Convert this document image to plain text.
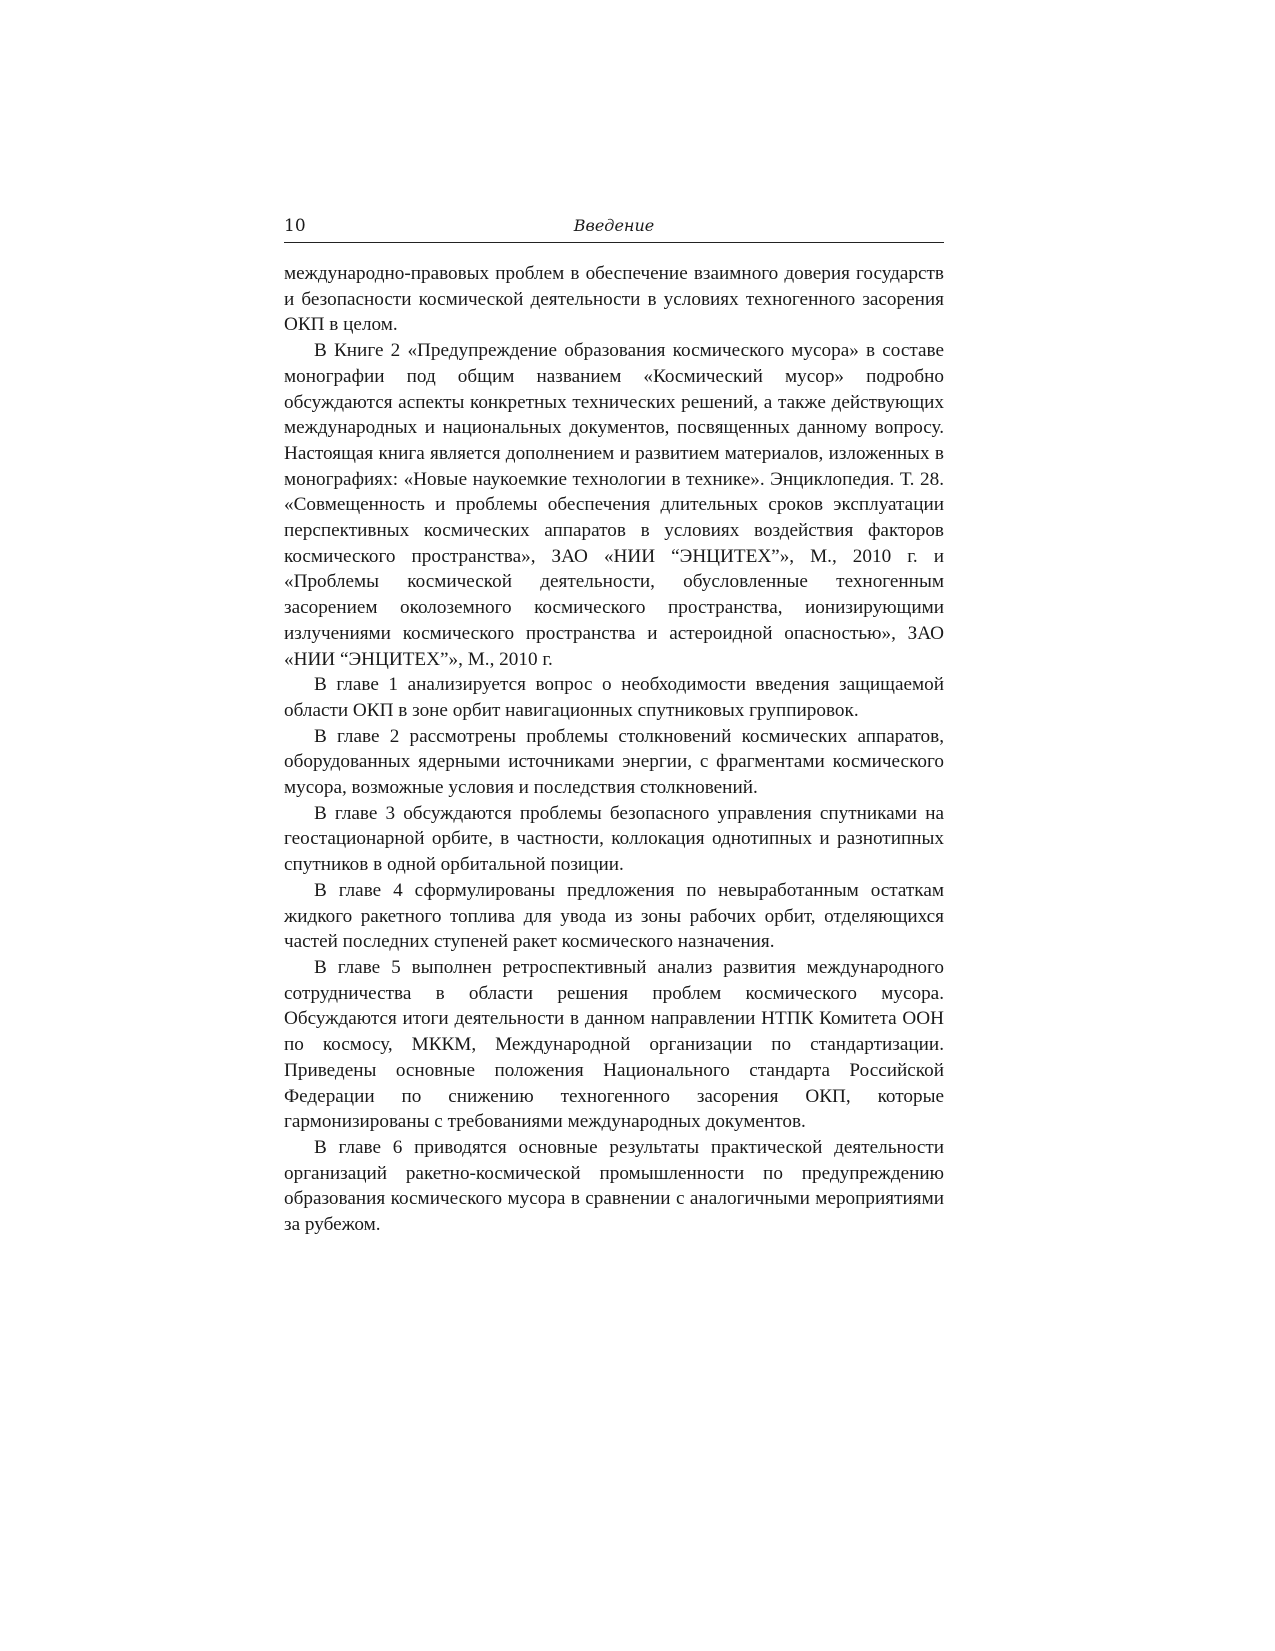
10	Введение

международно-правовых проблем в обеспечение взаимного доверия государств и безопасности космической деятельности в условиях техногенного засорения ОКП в целом.

В Книге 2 «Предупреждение образования космического мусора» в составе монографии под общим названием «Космический мусор» подробно обсуждаются аспекты конкретных технических решений, а также действующих международных и национальных документов, посвященных данному вопросу. Настоящая книга является дополнением и развитием материалов, изложенных в монографиях: «Новые наукоемкие технологии в технике». Энциклопедия. Т. 28. «Совмещенность и проблемы обеспечения длительных сроков эксплуатации перспективных космических аппаратов в условиях воздействия факторов космического пространства», ЗАО «НИИ “ЭНЦИТЕХ”», М., 2010 г. и «Проблемы космической деятельности, обусловленные техногенным засорением околоземного космического пространства, ионизирующими излучениями космического пространства и астероидной опасностью», ЗАО «НИИ “ЭНЦИТЕХ”», М., 2010 г.

В главе 1 анализируется вопрос о необходимости введения защищаемой области ОКП в зоне орбит навигационных спутниковых группировок.

В главе 2 рассмотрены проблемы столкновений космических аппаратов, оборудованных ядерными источниками энергии, с фрагментами космического мусора, возможные условия и последствия столкновений.

В главе 3 обсуждаются проблемы безопасного управления спутниками на геостационарной орбите, в частности, коллокация однотипных и разнотипных спутников в одной орбитальной позиции.

В главе 4 сформулированы предложения по невыработанным остаткам жидкого ракетного топлива для увода из зоны рабочих орбит, отделяющихся частей последних ступеней ракет космического назначения.

В главе 5 выполнен ретроспективный анализ развития международного сотрудничества в области решения проблем космического мусора. Обсуждаются итоги деятельности в данном направлении НТПК Комитета ООН по космосу, МККМ, Международной организации по стандартизации. Приведены основные положения Национального стандарта Российской Федерации по снижению техногенного засорения ОКП, которые гармонизированы с требованиями международных документов.

В главе 6 приводятся основные результаты практической деятельности организаций ракетно-космической промышленности по предупреждению образования космического мусора в сравнении с аналогичными мероприятиями за рубежом.
